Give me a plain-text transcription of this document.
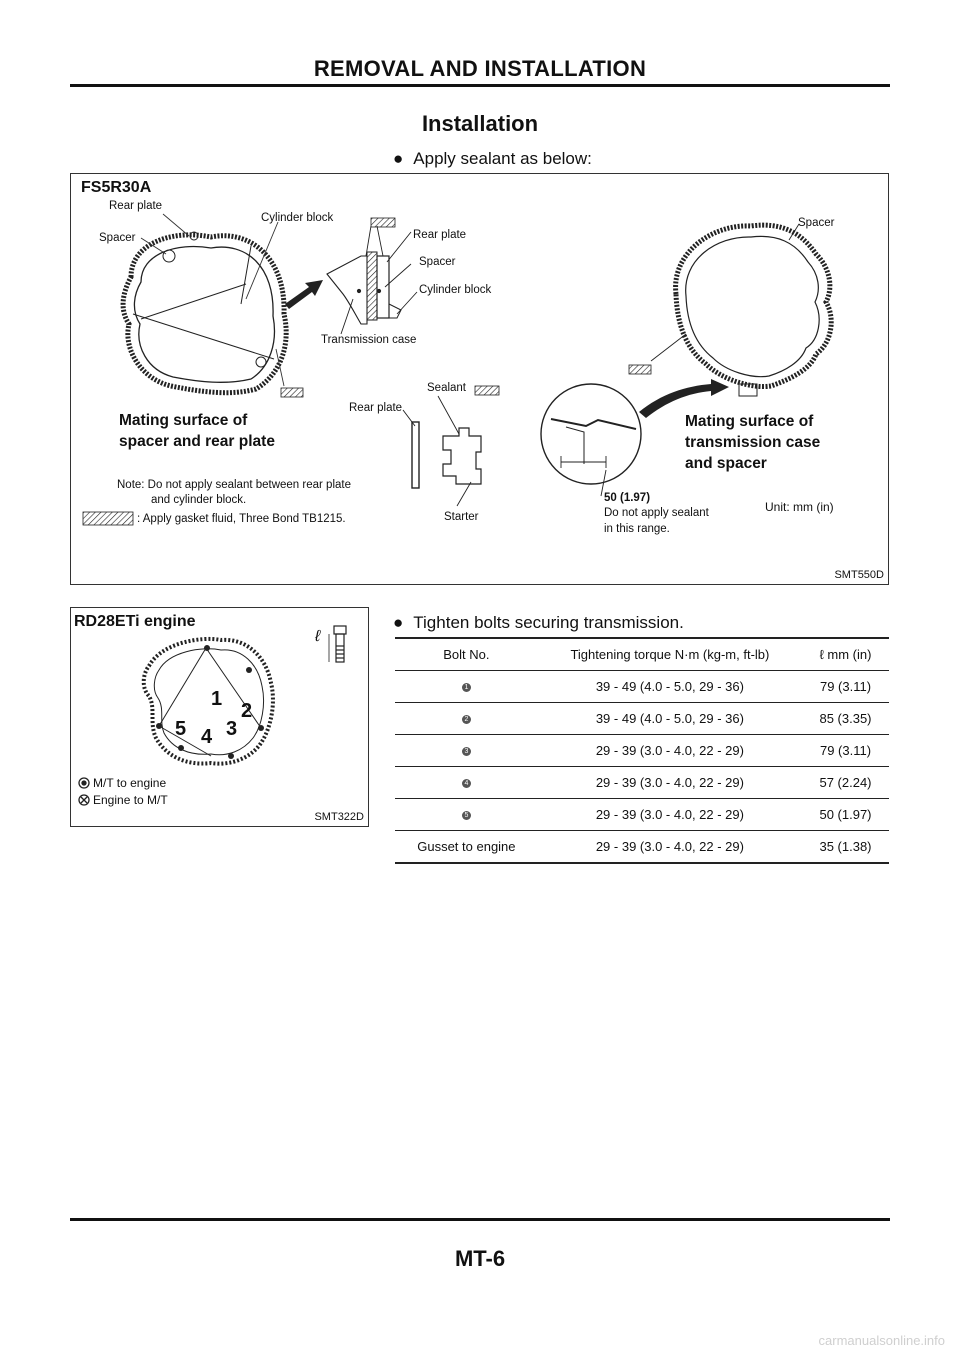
REMOVAL AND INSTALLATION
Installation
● Apply sealant as below:
FS5R30A
Rear plate
Spacer
Cylinder block
Rear plate
Spacer
Cylinder block
Transmission case
Spacer
Sealant
Rear plate
Starter
Mating surface of
spacer and rear plate
Mating surface of
transmission case
and spacer
Note: Do not apply sealant between rear plate
and cylinder block.
: Apply gasket fluid, Three Bond TB1215.
50 (1.97)
Do not apply sealant
in this range.
Unit: mm (in)
SMT550D
RD28ETi engine
ℓ
1
2
3
4
5
M/T to engine
Engine to M/T
SMT322D
● Tighten bolts securing transmission.
Bolt No.	Tightening torque N·m (kg-m, ft-lb)	ℓ mm (in)
1	39 - 49 (4.0 - 5.0, 29 - 36)	79 (3.11)
2	39 - 49 (4.0 - 5.0, 29 - 36)	85 (3.35)
3	29 - 39 (3.0 - 4.0, 22 - 29)	79 (3.11)
4	29 - 39 (3.0 - 4.0, 22 - 29)	57 (2.24)
5	29 - 39 (3.0 - 4.0, 22 - 29)	50 (1.97)
Gusset to engine	29 - 39 (3.0 - 4.0, 22 - 29)	35 (1.38)
MT-6
carmanualsonline.info
